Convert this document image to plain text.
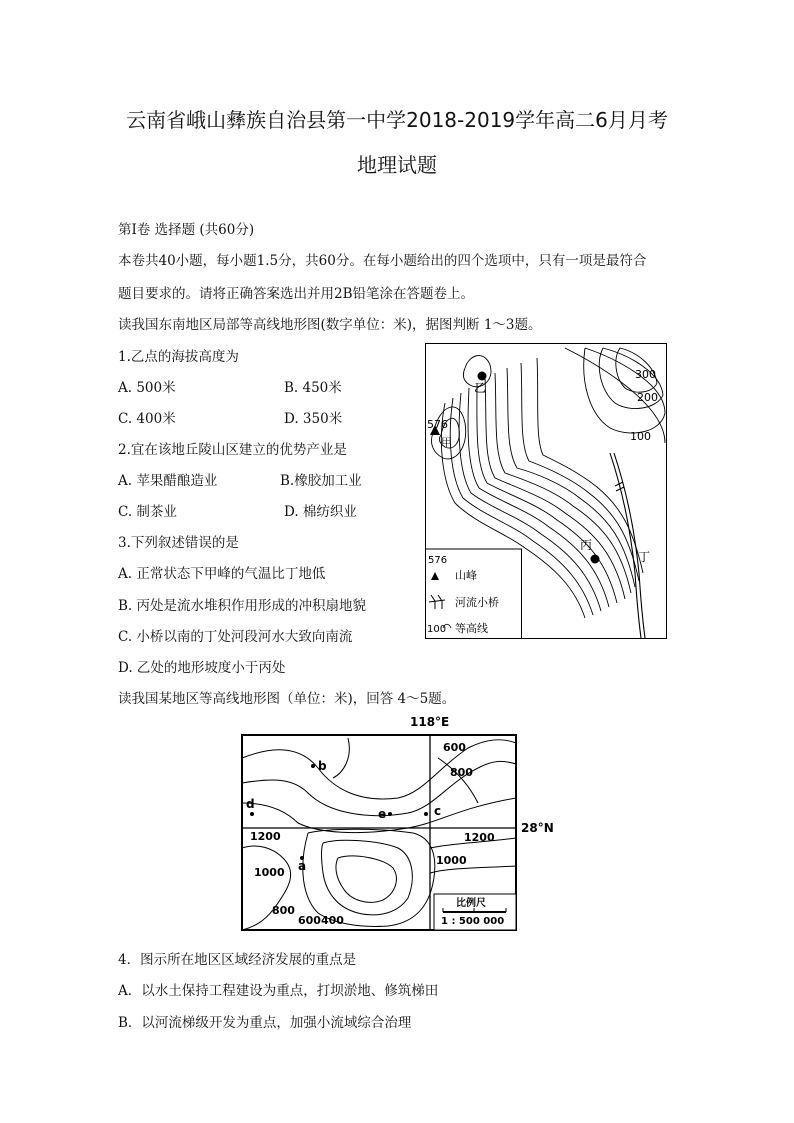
云南省峨山彝族自治县第一中学2018-2019学年高二6月月考
地理试题
第Ⅰ卷 选择题 (共60分)
本卷共40小题，每小题1.5分，共60分。在每小题给出的四个选项中，只有一项是最符合
题目要求的。请将正确答案选出并用2B铅笔涂在答题卷上。
读我国东南地区局部等高线地形图(数字单位：米)，据图判断 1～3题。
1.乙点的海拔高度为
A. 500米	B. 450米
C. 400米	D. 350米
2.宜在该地丘陵山区建立的优势产业是
A. 苹果醋酿造业	B.橡胶加工业
C. 制茶业	D. 棉纺织业
3.下列叙述错误的是
A. 正常状态下甲峰的气温比丁地低
B. 丙处是流水堆积作用形成的冲积扇地貌
C. 小桥以南的丁处河段河水大致向南流
D. 乙处的地形坡度小于丙处
乙
576
甲
300
200
100
丙
丁
576
山峰
河流小桥
100 等高线
读我国某地区等高线地形图（单位：米)，回答 4～5题。
118°E
28°N
b
d
e	c
a
600
800
1200	1200
1000
1000
800
600400
比例尺
1 : 500 000
4．图示所在地区区域经济发展的重点是
A．以水土保持工程建设为重点，打坝淤地、修筑梯田
B．以河流梯级开发为重点，加强小流域综合治理
